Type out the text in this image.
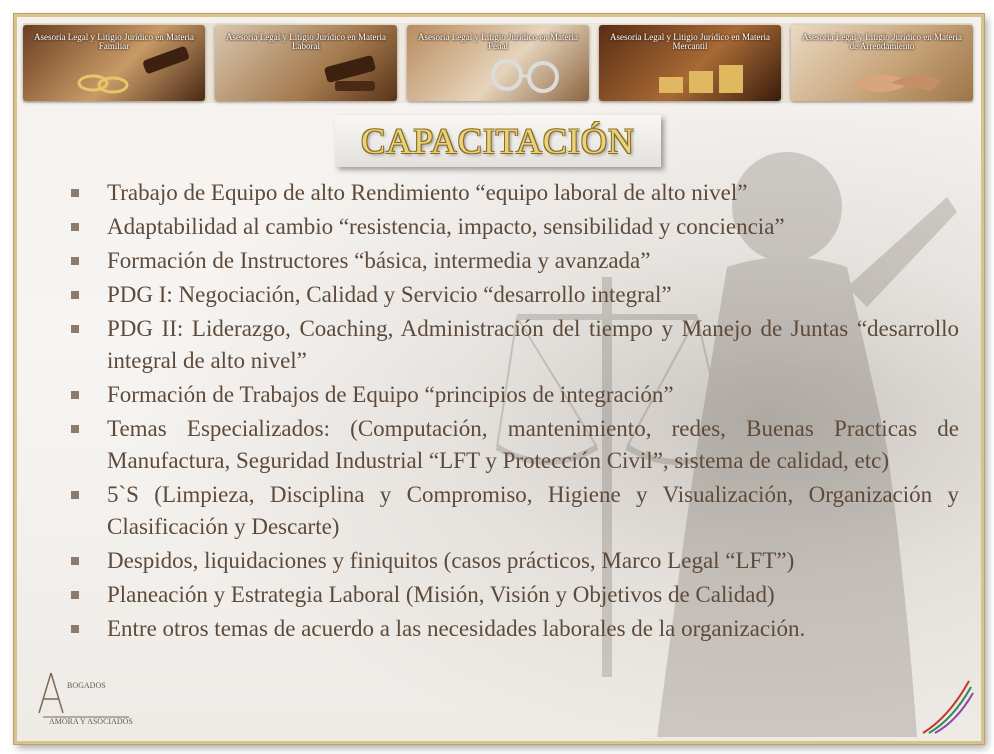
Asesoría Legal y Litigio Jurídico en Materia Familiar
Asesoría Legal y Litigio Jurídico en Materia Laboral
Asesoría Legal y Litigio Jurídico en Materia Penal
Asesoría Legal y Litigio Jurídico en Materia Mercantil
Asesoría Legal y Litigio Jurídico en Materia de Arrendamiento
CAPACITACIÓN
Trabajo de Equipo de alto Rendimiento “equipo laboral de alto nivel”
Adaptabilidad al cambio “resistencia, impacto, sensibilidad y conciencia”
Formación de Instructores “básica, intermedia y avanzada”
PDG I: Negociación, Calidad y Servicio “desarrollo integral”
PDG II: Liderazgo, Coaching, Administración del tiempo y Manejo de Juntas “desarrollo integral de alto nivel”
Formación de Trabajos de Equipo “principios de integración”
Temas Especializados: (Computación, mantenimiento, redes, Buenas Practicas de Manufactura, Seguridad Industrial “LFT y Protección Civil”, sistema de calidad, etc)
5`S (Limpieza, Disciplina y Compromiso, Higiene y Visualización, Organización y Clasificación y Descarte)
Despidos, liquidaciones y finiquitos (casos prácticos, Marco Legal “LFT”)
Planeación y Estrategia Laboral (Misión, Visión y Objetivos de Calidad)
Entre otros temas de acuerdo a las necesidades laborales de la organización.
BOGADOS
AMORA Y ASOCIADOS
